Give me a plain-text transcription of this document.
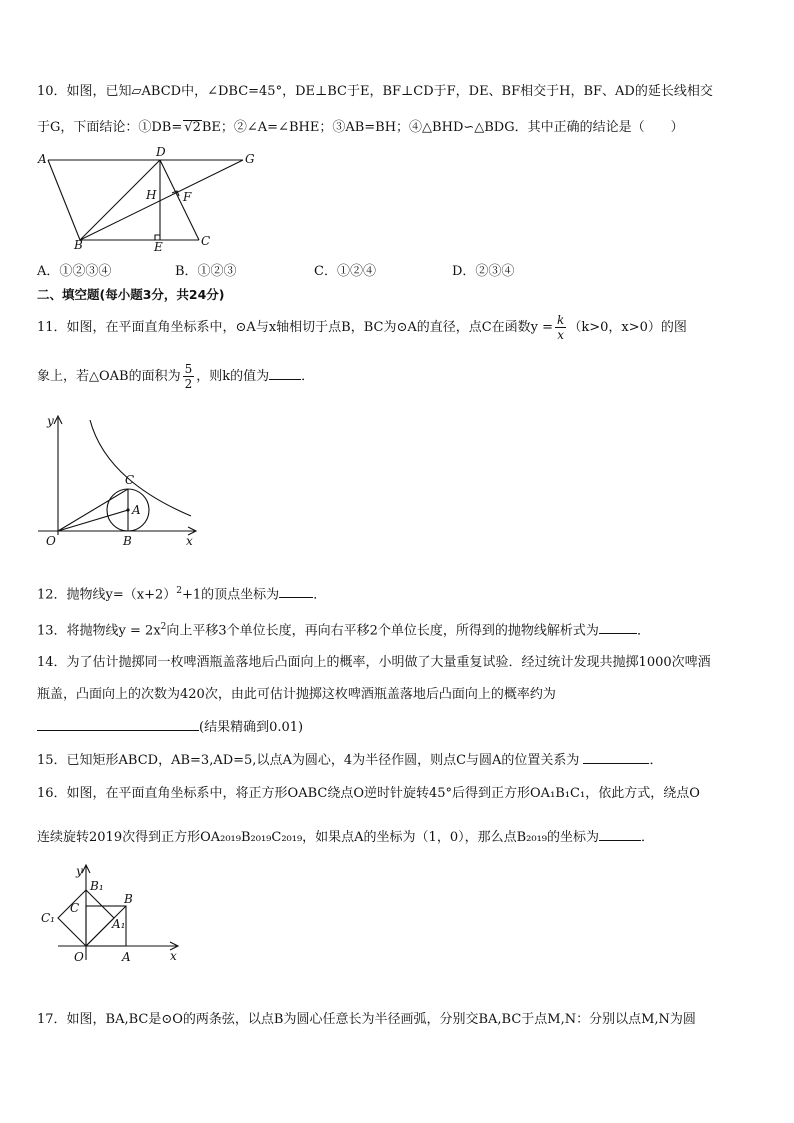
10．如图，已知▱ABCD中，∠DBC=45°，DE⊥BC于E，BF⊥CD于F，DE、BF相交于H，BF、AD的延长线相交
于G，下面结论：①DB= √2BE；②∠A=∠BHE；③AB=BH；④△BHD∽△BDG．其中正确的结论是（　　）
A	D	G
H F
B	E	C
A．①②③④	B．①②③	C．①②④	D．②③④
二、填空题(每小题3分，共24分)
11．如图，在平面直角坐标系中，⊙A与x轴相切于点B，BC为⊙A的直径，点C在函数$y = \frac{k}{x} (k>0$，x>0）的图
象上，若△OAB的面积为 $\frac{5}{2}$ ，则k的值为 ．
y
x
O	B
C
A
12．抛物线$y=(x+2)^2+1$的顶点坐标为	．
13．将抛物线$y = 2x^2$向上平移3个单位长度，再向右平移2个单位长度，所得到的抛物线解析式为	．
14．为了估计抛掷同一枚啤酒瓶盖落地后凸面向上的概率，小明做了大量重复试验．经过统计发现共抛掷1000次啤酒
瓶盖，凸面向上的次数为420次，由此可估计抛掷这枚啤酒瓶盖落地后凸面向上的概率约为
(结果精确到0.01)
15．已知矩形ABCD，AB=3,AD=5,以点A为圆心，4为半径作圆，则点C与圆A的位置关系为	．
16．如图，在平面直角坐标系中，将正方形OABC绕点O逆时针旋转45°后得到正方形OA₁B₁C₁，依此方式，绕点O
连续旋转2019次得到正方形OA₂₀₁₉B₂₀₁₉C₂₀₁₉，如果点A的坐标为（1，0），那么点B₂₀₁₉的坐标为	．
y
x
O	A
B
C
B₁
A₁
C₁
17．如图，BA,BC是⊙O的两条弦，以点B为圆心任意长为半径画弧，分别交BA,BC于点M,N：分别以点M,N为圆
